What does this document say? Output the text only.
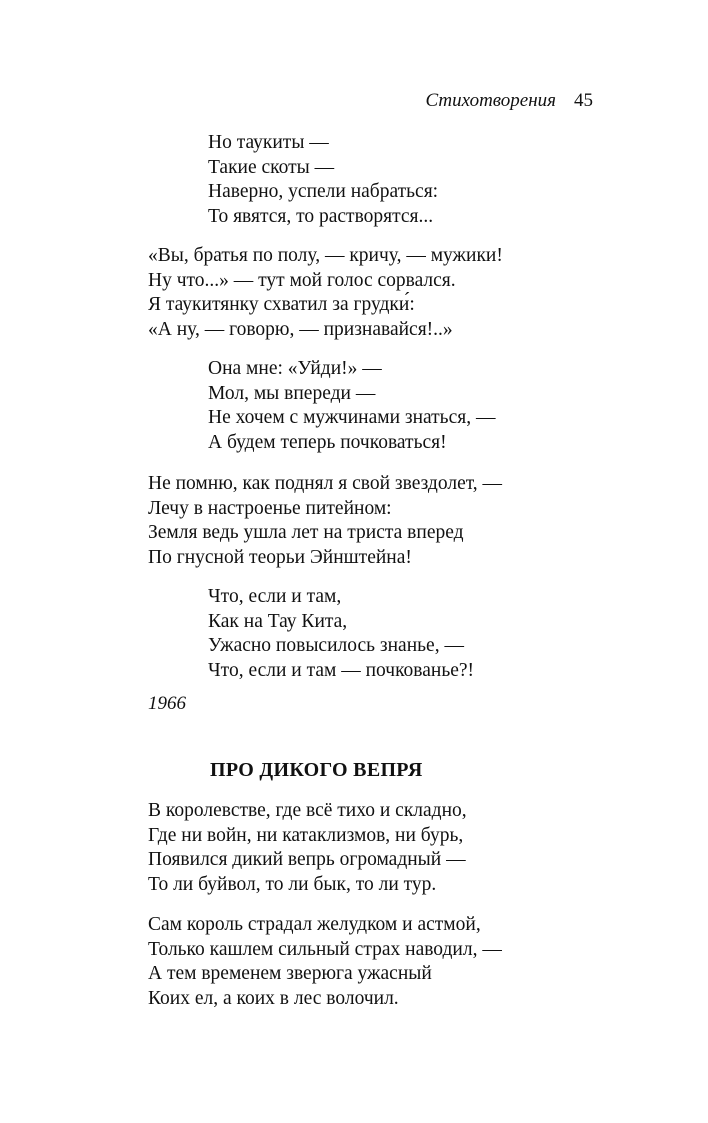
Стихотворения 45
Но таукиты —
Такие скоты —
Наверно, успели набраться:
То явятся, то растворятся...
«Вы, братья по полу, — кричу, — мужики!
Ну что...» — тут мой голос сорвался.
Я таукитянку схватил за грудки́:
«А ну, — говорю, — признавайся!..»
Она мне: «Уйди!» —
Мол, мы впереди —
Не хочем с мужчинами знаться, —
А будем теперь почковаться!
Не помню, как поднял я свой звездолет, —
Лечу в настроенье питейном:
Земля ведь ушла лет на триста вперед
По гнусной теорьи Эйнштейна!
Что, если и там,
Как на Тау Кита,
Ужасно повысилось знанье, —
Что, если и там — почкованье?!
1966
ПРО ДИКОГО ВЕПРЯ
В королевстве, где всё тихо и складно,
Где ни войн, ни катаклизмов, ни бурь,
Появился дикий вепрь огромадный —
То ли буйвол, то ли бык, то ли тур.
Сам король страдал желудком и астмой,
Только кашлем сильный страх наводил, —
А тем временем зверюга ужасный
Коих ел, а коих в лес волочил.
